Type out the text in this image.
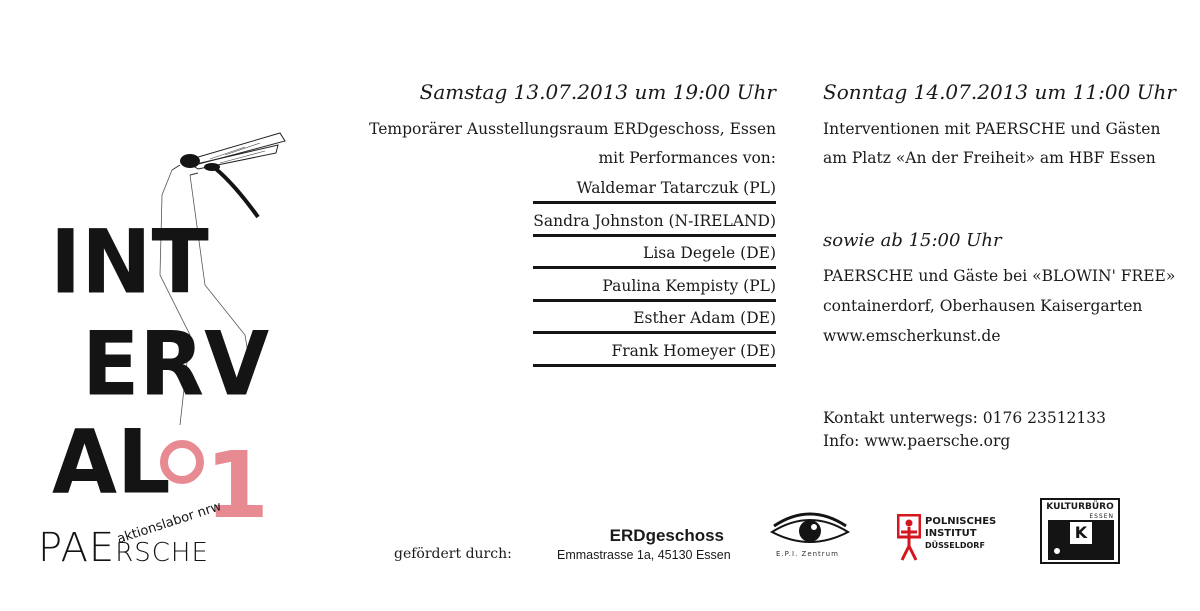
INT
ERV
AL 1
PAERSCHE
aktionslabor nrw
Samstag 13.07.2013 um 19:00 Uhr
Temporärer Ausstellungsraum ERDgeschoss, Essen
mit Performances von:
Waldemar Tatarczuk (PL)
Sandra Johnston (N-IRELAND)
Lisa Degele (DE)
Paulina Kempisty (PL)
Esther Adam (DE)
Frank Homeyer (DE)
Sonntag 14.07.2013 um 11:00 Uhr
Interventionen mit PAERSCHE und Gästen
am Platz «An der Freiheit» am HBF Essen
sowie ab 15:00 Uhr
PAERSCHE und Gäste bei «BLOWIN' FREE»
containerdorf, Oberhausen Kaisergarten
www.emscherkunst.de
Kontakt unterwegs: 0176 23512133
Info: www.paersche.org
gefördert durch:
ERDgeschoss
Emmastrasse 1a, 45130 Essen	E.P.I. Zentrum
POLNISCHES
INSTITUT
DÜSSELDORF
KULTURBÜRO
ESSEN
K
